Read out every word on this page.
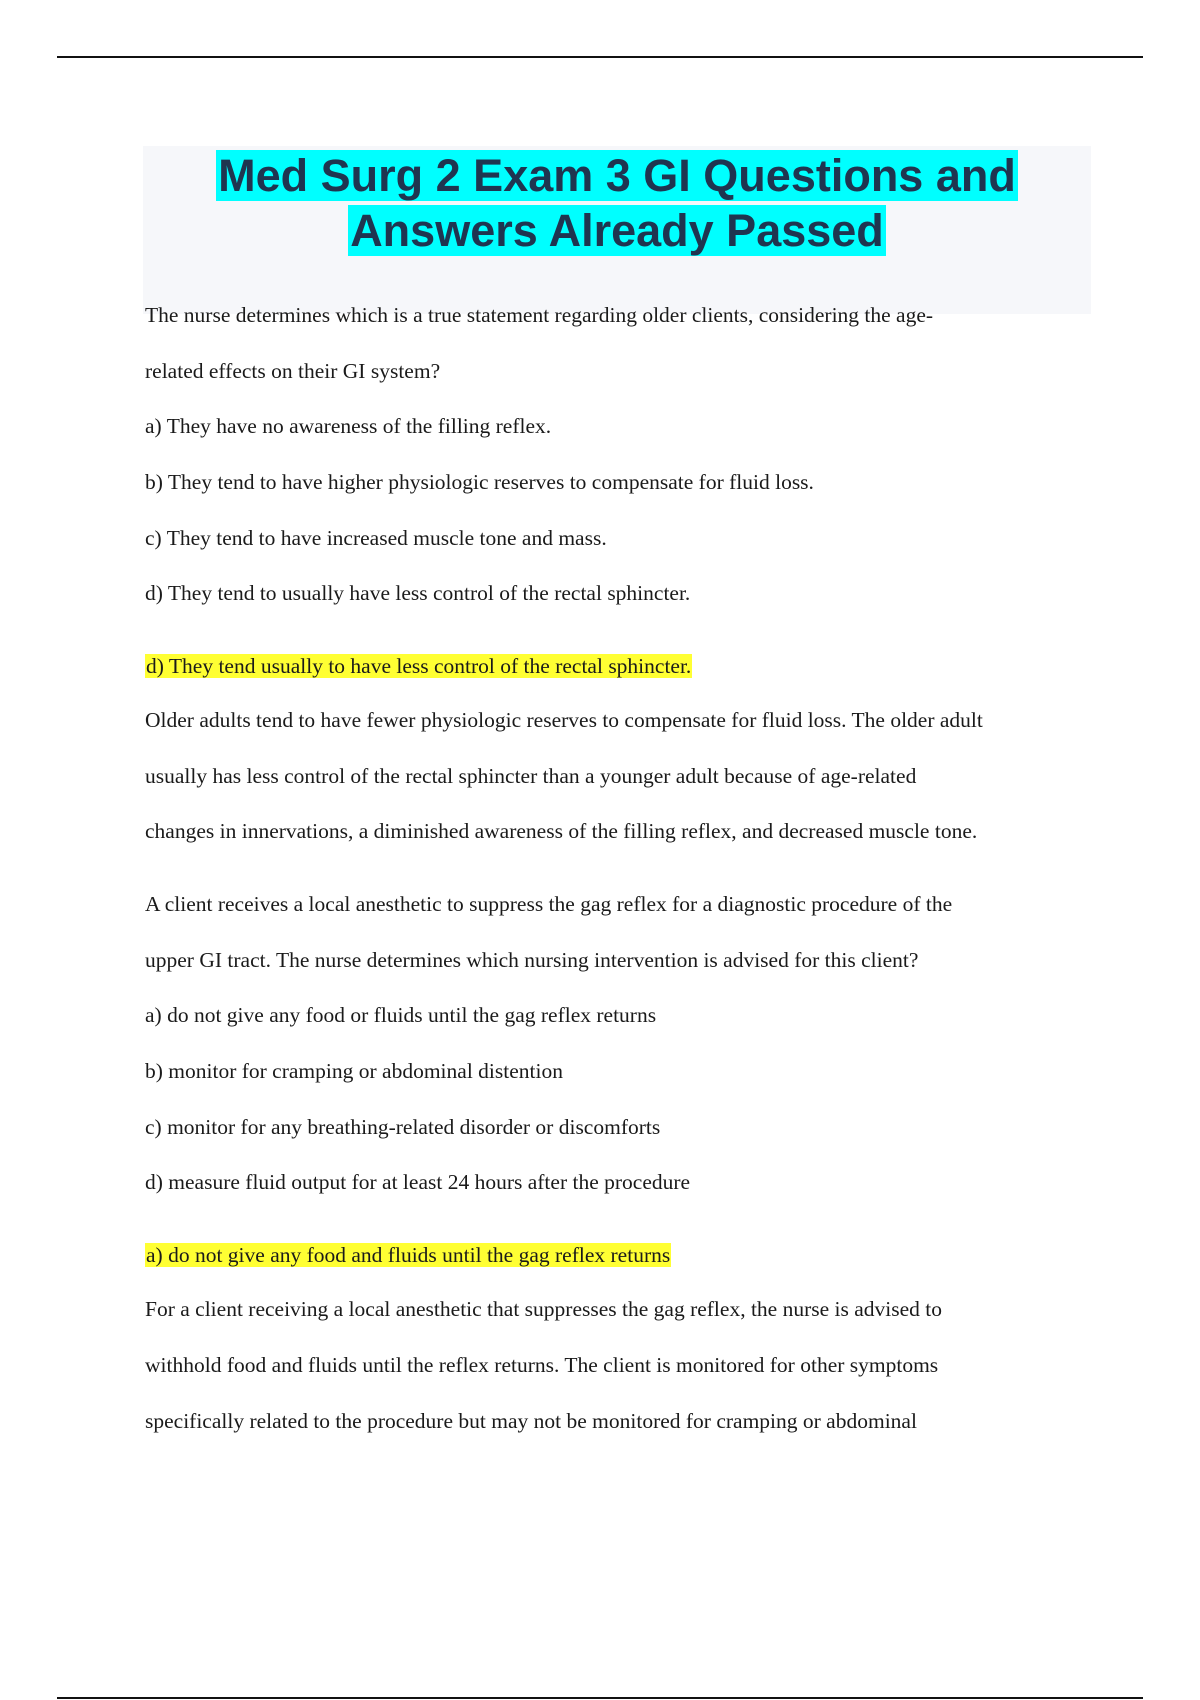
Med Surg 2 Exam 3 GI Questions and
Answers Already Passed
The nurse determines which is a true statement regarding older clients, considering the age-
related effects on their GI system?
a) They have no awareness of the filling reflex.
b) They tend to have higher physiologic reserves to compensate for fluid loss.
c) They tend to have increased muscle tone and mass.
d) They tend to usually have less control of the rectal sphincter.
d) They tend usually to have less control of the rectal sphincter.
Older adults tend to have fewer physiologic reserves to compensate for fluid loss. The older adult
usually has less control of the rectal sphincter than a younger adult because of age-related
changes in innervations, a diminished awareness of the filling reflex, and decreased muscle tone.
A client receives a local anesthetic to suppress the gag reflex for a diagnostic procedure of the
upper GI tract. The nurse determines which nursing intervention is advised for this client?
a) do not give any food or fluids until the gag reflex returns
b) monitor for cramping or abdominal distention
c) monitor for any breathing-related disorder or discomforts
d) measure fluid output for at least 24 hours after the procedure
a) do not give any food and fluids until the gag reflex returns
For a client receiving a local anesthetic that suppresses the gag reflex, the nurse is advised to
withhold food and fluids until the reflex returns. The client is monitored for other symptoms
specifically related to the procedure but may not be monitored for cramping or abdominal
